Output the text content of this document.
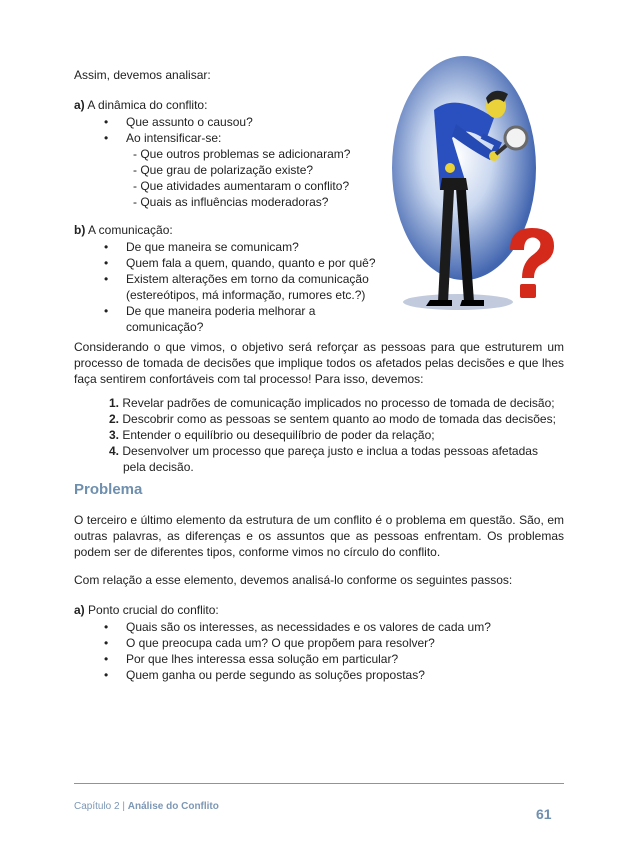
Assim, devemos analisar:
a) A dinâmica do conflito:
• Que assunto o causou?
• Ao intensificar-se:
- Que outros problemas se adicionaram?
- Que grau de polarização existe?
- Que atividades aumentaram o conflito?
- Quais as influências moderadoras?
b) A comunicação:
• De que maneira se comunicam?
• Quem fala a quem, quando, quanto e por quê?
• Existem alterações em torno da comunicação
(estereótipos, má informação, rumores etc.?)
• De que maneira poderia melhorar a
comunicação?
Considerando o que vimos, o objetivo será reforçar as pessoas para que estruturem um processo de tomada de decisões que implique todos os afetados pelas decisões e que lhes faça sentirem confortáveis com tal processo! Para isso, devemos:
1. Revelar padrões de comunicação implicados no processo de tomada de decisão;
2. Descobrir como as pessoas se sentem quanto ao modo de tomada das decisões;
3. Entender o equilíbrio ou desequilíbrio de poder da relação;
4. Desenvolver um processo que pareça justo e inclua a todas pessoas afetadas
pela decisão.
Problema
O terceiro e último elemento da estrutura de um conflito é o problema em questão. São, em outras palavras, as diferenças e os assuntos que as pessoas enfrentam. Os problemas podem ser de diferentes tipos, conforme vimos no círculo do conflito.
Com relação a esse elemento, devemos analisá-lo conforme os seguintes passos:
a) Ponto crucial do conflito:
• Quais são os interesses, as necessidades e os valores de cada um?
• O que preocupa cada um? O que propõem para resolver?
• Por que lhes interessa essa solução em particular?
• Quem ganha ou perde segundo as soluções propostas?
Capítulo 2 | Análise do Conflito	61
